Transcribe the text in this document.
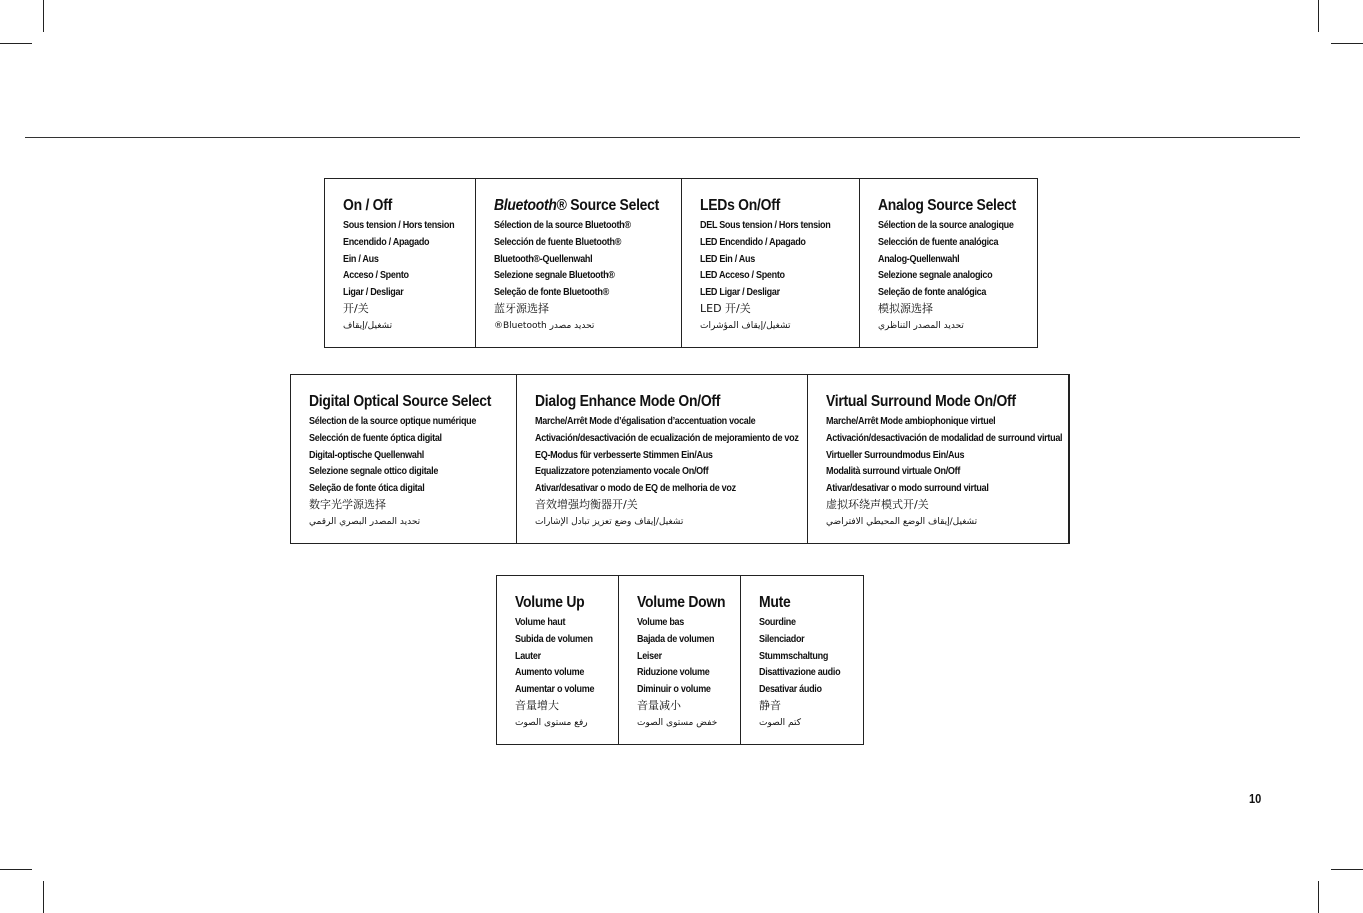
On / Off
Sous tension / Hors tension
Encendido / Apagado
Ein / Aus
Acceso / Spento
Ligar / Desligar
开/关
تشغيل/إيقاف
Bluetooth® Source Select
Sélection de la source Bluetooth®
Selección de fuente Bluetooth®
Bluetooth®-Quellenwahl
Selezione segnale Bluetooth®
Seleção de fonte Bluetooth®
蓝牙源选择
تحديد مصدر Bluetooth®
LEDs On/Off
DEL Sous tension / Hors tension
LED Encendido / Apagado
LED Ein / Aus
LED Acceso / Spento
LED Ligar / Desligar
LED 开/关
تشغيل/إيقاف المؤشرات
Analog Source Select
Sélection de la source analogique
Selección de fuente analógica
Analog-Quellenwahl
Selezione segnale analogico
Seleção de fonte analógica
模拟源选择
تحديد المصدر التناظري
Digital Optical Source Select
Sélection de la source optique numérique
Selección de fuente óptica digital
Digital-optische Quellenwahl
Selezione segnale ottico digitale
Seleção de fonte ótica digital
数字光学源选择
تحديد المصدر البصري الرقمي
Dialog Enhance Mode On/Off
Marche/Arrêt Mode d’égalisation d’accentuation vocale
Activación/desactivación de ecualización de mejoramiento de voz
EQ-Modus für verbesserte Stimmen Ein/Aus
Equalizzatore potenziamento vocale On/Off
Ativar/desativar o modo de EQ de melhoria de voz
音效增强均衡器开/关
تشغيل/إيقاف وضع تعزيز تبادل الإشارات
Virtual Surround Mode On/Off
Marche/Arrêt Mode ambiophonique virtuel
Activación/desactivación de modalidad de surround virtual
Virtueller Surroundmodus Ein/Aus
Modalità surround virtuale On/Off
Ativar/desativar o modo surround virtual
虚拟环绕声模式开/关
تشغيل/إيقاف الوضع المحيطي الافتراضي
Volume Up
Volume haut
Subida de volumen
Lauter
Aumento volume
Aumentar o volume
音量增大
رفع مستوى الصوت
Volume Down
Volume bas
Bajada de volumen
Leiser
Riduzione volume
Diminuir o volume
音量减小
خفض مستوى الصوت
Mute
Sourdine
Silenciador
Stummschaltung
Disattivazione audio
Desativar áudio
静音
كتم الصوت
10
